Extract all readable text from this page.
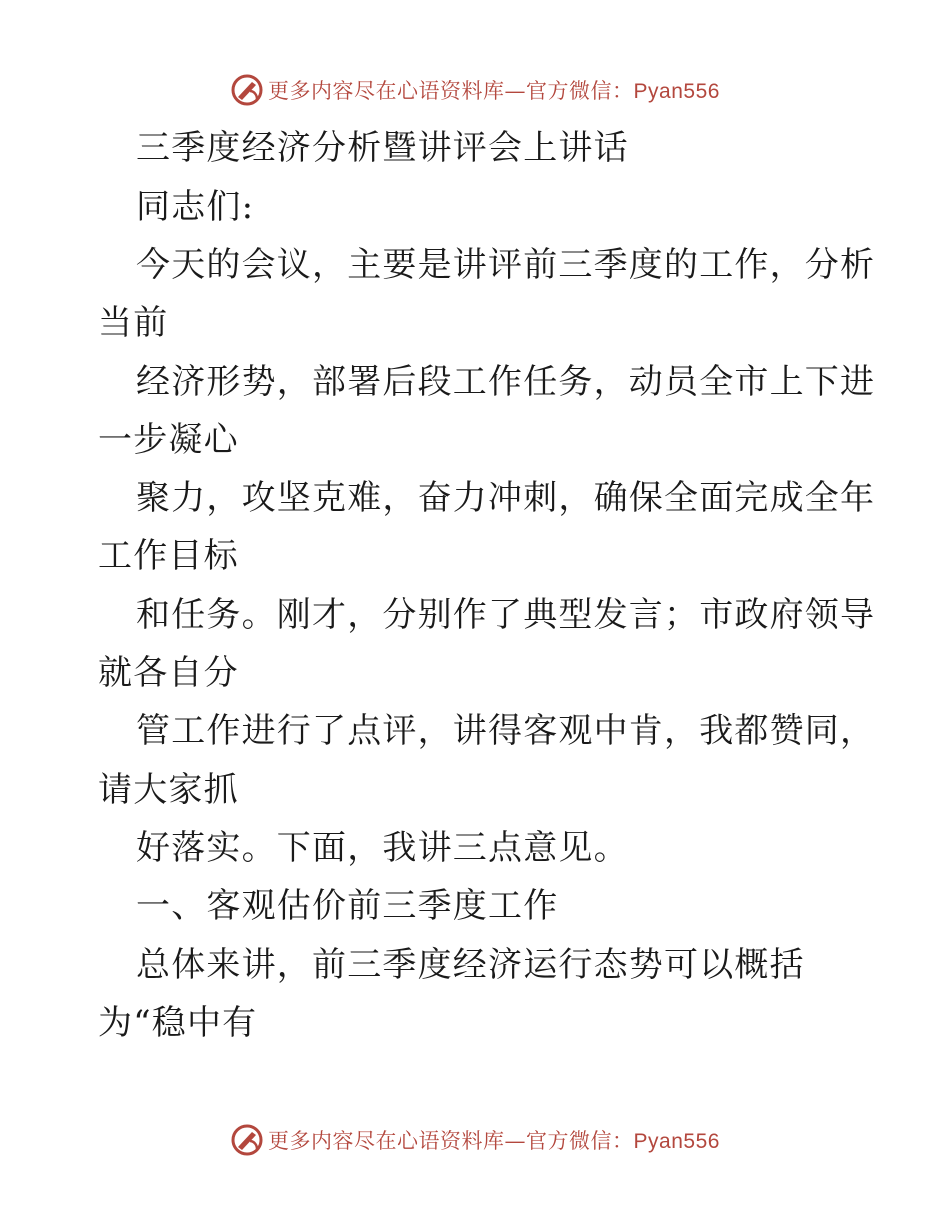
更多内容尽在心语资料库—官方微信：Pyan556
三季度经济分析暨讲评会上讲话
同志们:
今天的会议，主要是讲评前三季度的工作，分析
当前
经济形势，部署后段工作任务，动员全市上下进
一步凝心
聚力，攻坚克难，奋力冲刺，确保全面完成全年
工作目标
和任务。刚才，分别作了典型发言；市政府领导
就各自分
管工作进行了点评，讲得客观中肯，我都赞同，
请大家抓
好落实。下面，我讲三点意见。
一、客观估价前三季度工作
总体来讲，前三季度经济运行态势可以概括
为“稳中有
更多内容尽在心语资料库—官方微信：Pyan556
